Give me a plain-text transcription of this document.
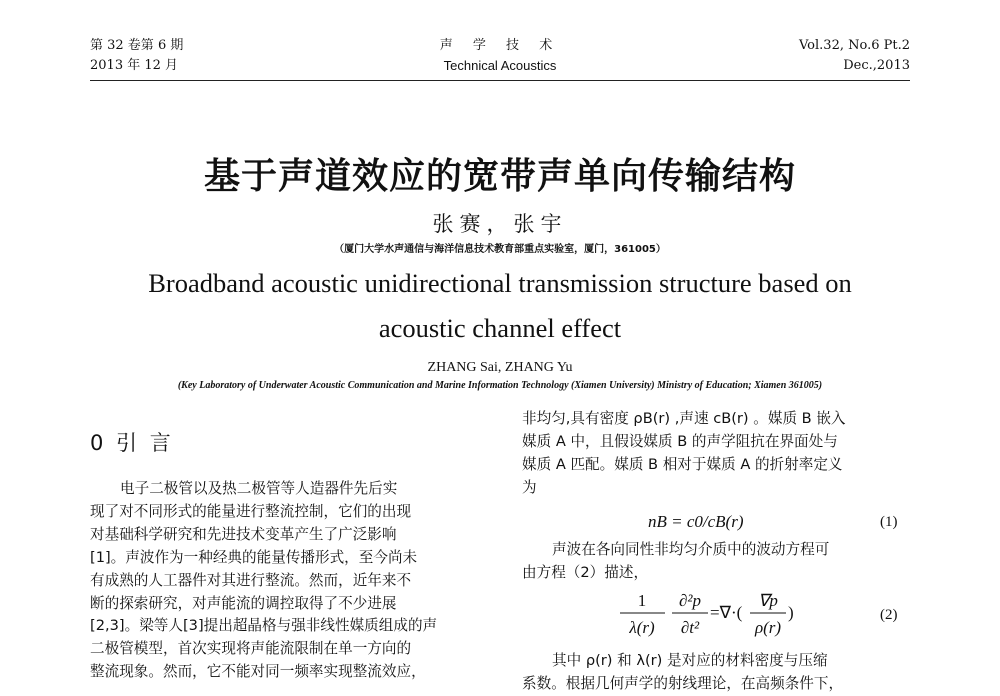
第 32 卷第 6 期
2013 年 12 月
声 学 技 术
Technical Acoustics
Vol.32, No.6 Pt.2
Dec.,2013
基于声道效应的宽带声单向传输结构
张赛，张宇
（厦门大学水声通信与海洋信息技术教育部重点实验室，厦门，361005）
Broadband acoustic unidirectional transmission structure based on
acoustic channel effect
ZHANG Sai, ZHANG Yu
(Key Laboratory of Underwater Acoustic Communication and Marine Information Technology (Xiamen University) Ministry of Education; Xiamen 361005)
0 引 言
电子二极管以及热二极管等人造器件先后实
现了对不同形式的能量进行整流控制，它们的出现
对基础科学研究和先进技术变革产生了广泛影响
[1]。声波作为一种经典的能量传播形式，至今尚未
有成熟的人工器件对其进行整流。然而，近年来不
断的探索研究，对声能流的调控取得了不少进展
[2,3]。梁等人[3]提出超晶格与强非线性媒质组成的声
二极管模型，首次实现将声能流限制在单一方向的
整流现象。然而，它不能对同一频率实现整流效应，
非均匀,具有密度 ρB(r) ,声速 cB(r) 。媒质 B 嵌入
媒质 A 中，且假设媒质 B 的声学阻抗在界面处与
媒质 A 匹配。媒质 B 相对于媒质 A 的折射率定义
为
nB = c0/cB(r)	(1)
声波在各向同性非均匀介质中的波动方程可
由方程（2）描述，
1
λ(r)
∂²p
∂t²
=∇·(
∇p
ρ(r)
)	(2)
其中 ρ(r) 和 λ(r) 是对应的材料密度与压缩
系数。根据几何声学的射线理论，在高频条件下，
